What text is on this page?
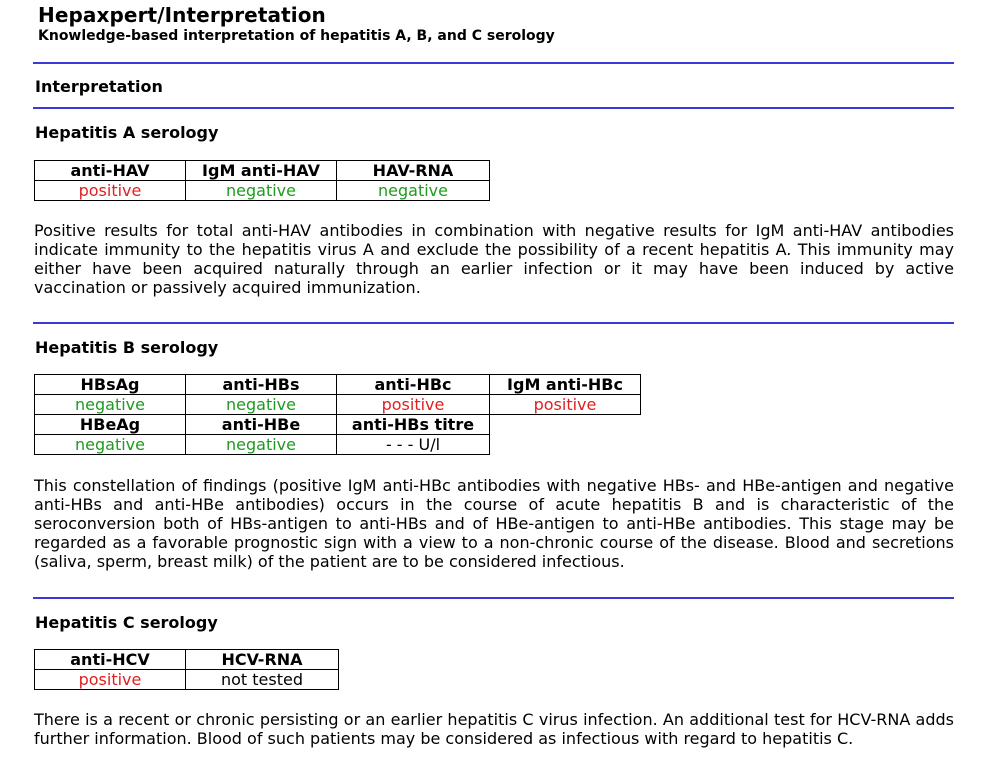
Hepaxpert/Interpretation
Knowledge-based interpretation of hepatitis A, B, and C serology
Interpretation
Hepatitis A serology
anti-HAV	IgM anti-HAV	HAV-RNA
positive	negative	negative

Positive results for total anti-HAV antibodies in combination with negative results for IgM anti-HAV antibodies indicate immunity to the hepatitis virus A and exclude the possibility of a recent hepatitis A. This immunity may either have been acquired naturally through an earlier infection or it may have been induced by active vaccination or passively acquired immunization.

Hepatitis B serology
HBsAg	anti-HBs	anti-HBc	IgM anti-HBc
negative	negative	positive	positive
HBeAg	anti-HBe	anti-HBs titre	
negative	negative	- - - U/l	

This constellation of findings (positive IgM anti-HBc antibodies with negative HBs- and HBe-antigen and negative anti-HBs and anti-HBe antibodies) occurs in the course of acute hepatitis B and is characteristic of the seroconversion both of HBs-antigen to anti-HBs and of HBe-antigen to anti-HBe antibodies. This stage may be regarded as a favorable prognostic sign with a view to a non-chronic course of the disease. Blood and secretions (saliva, sperm, breast milk) of the patient are to be considered infectious.

Hepatitis C serology
anti-HCV	HCV-RNA
positive	not tested

There is a recent or chronic persisting or an earlier hepatitis C virus infection. An additional test for HCV-RNA adds further information. Blood of such patients may be considered as infectious with regard to hepatitis C.
